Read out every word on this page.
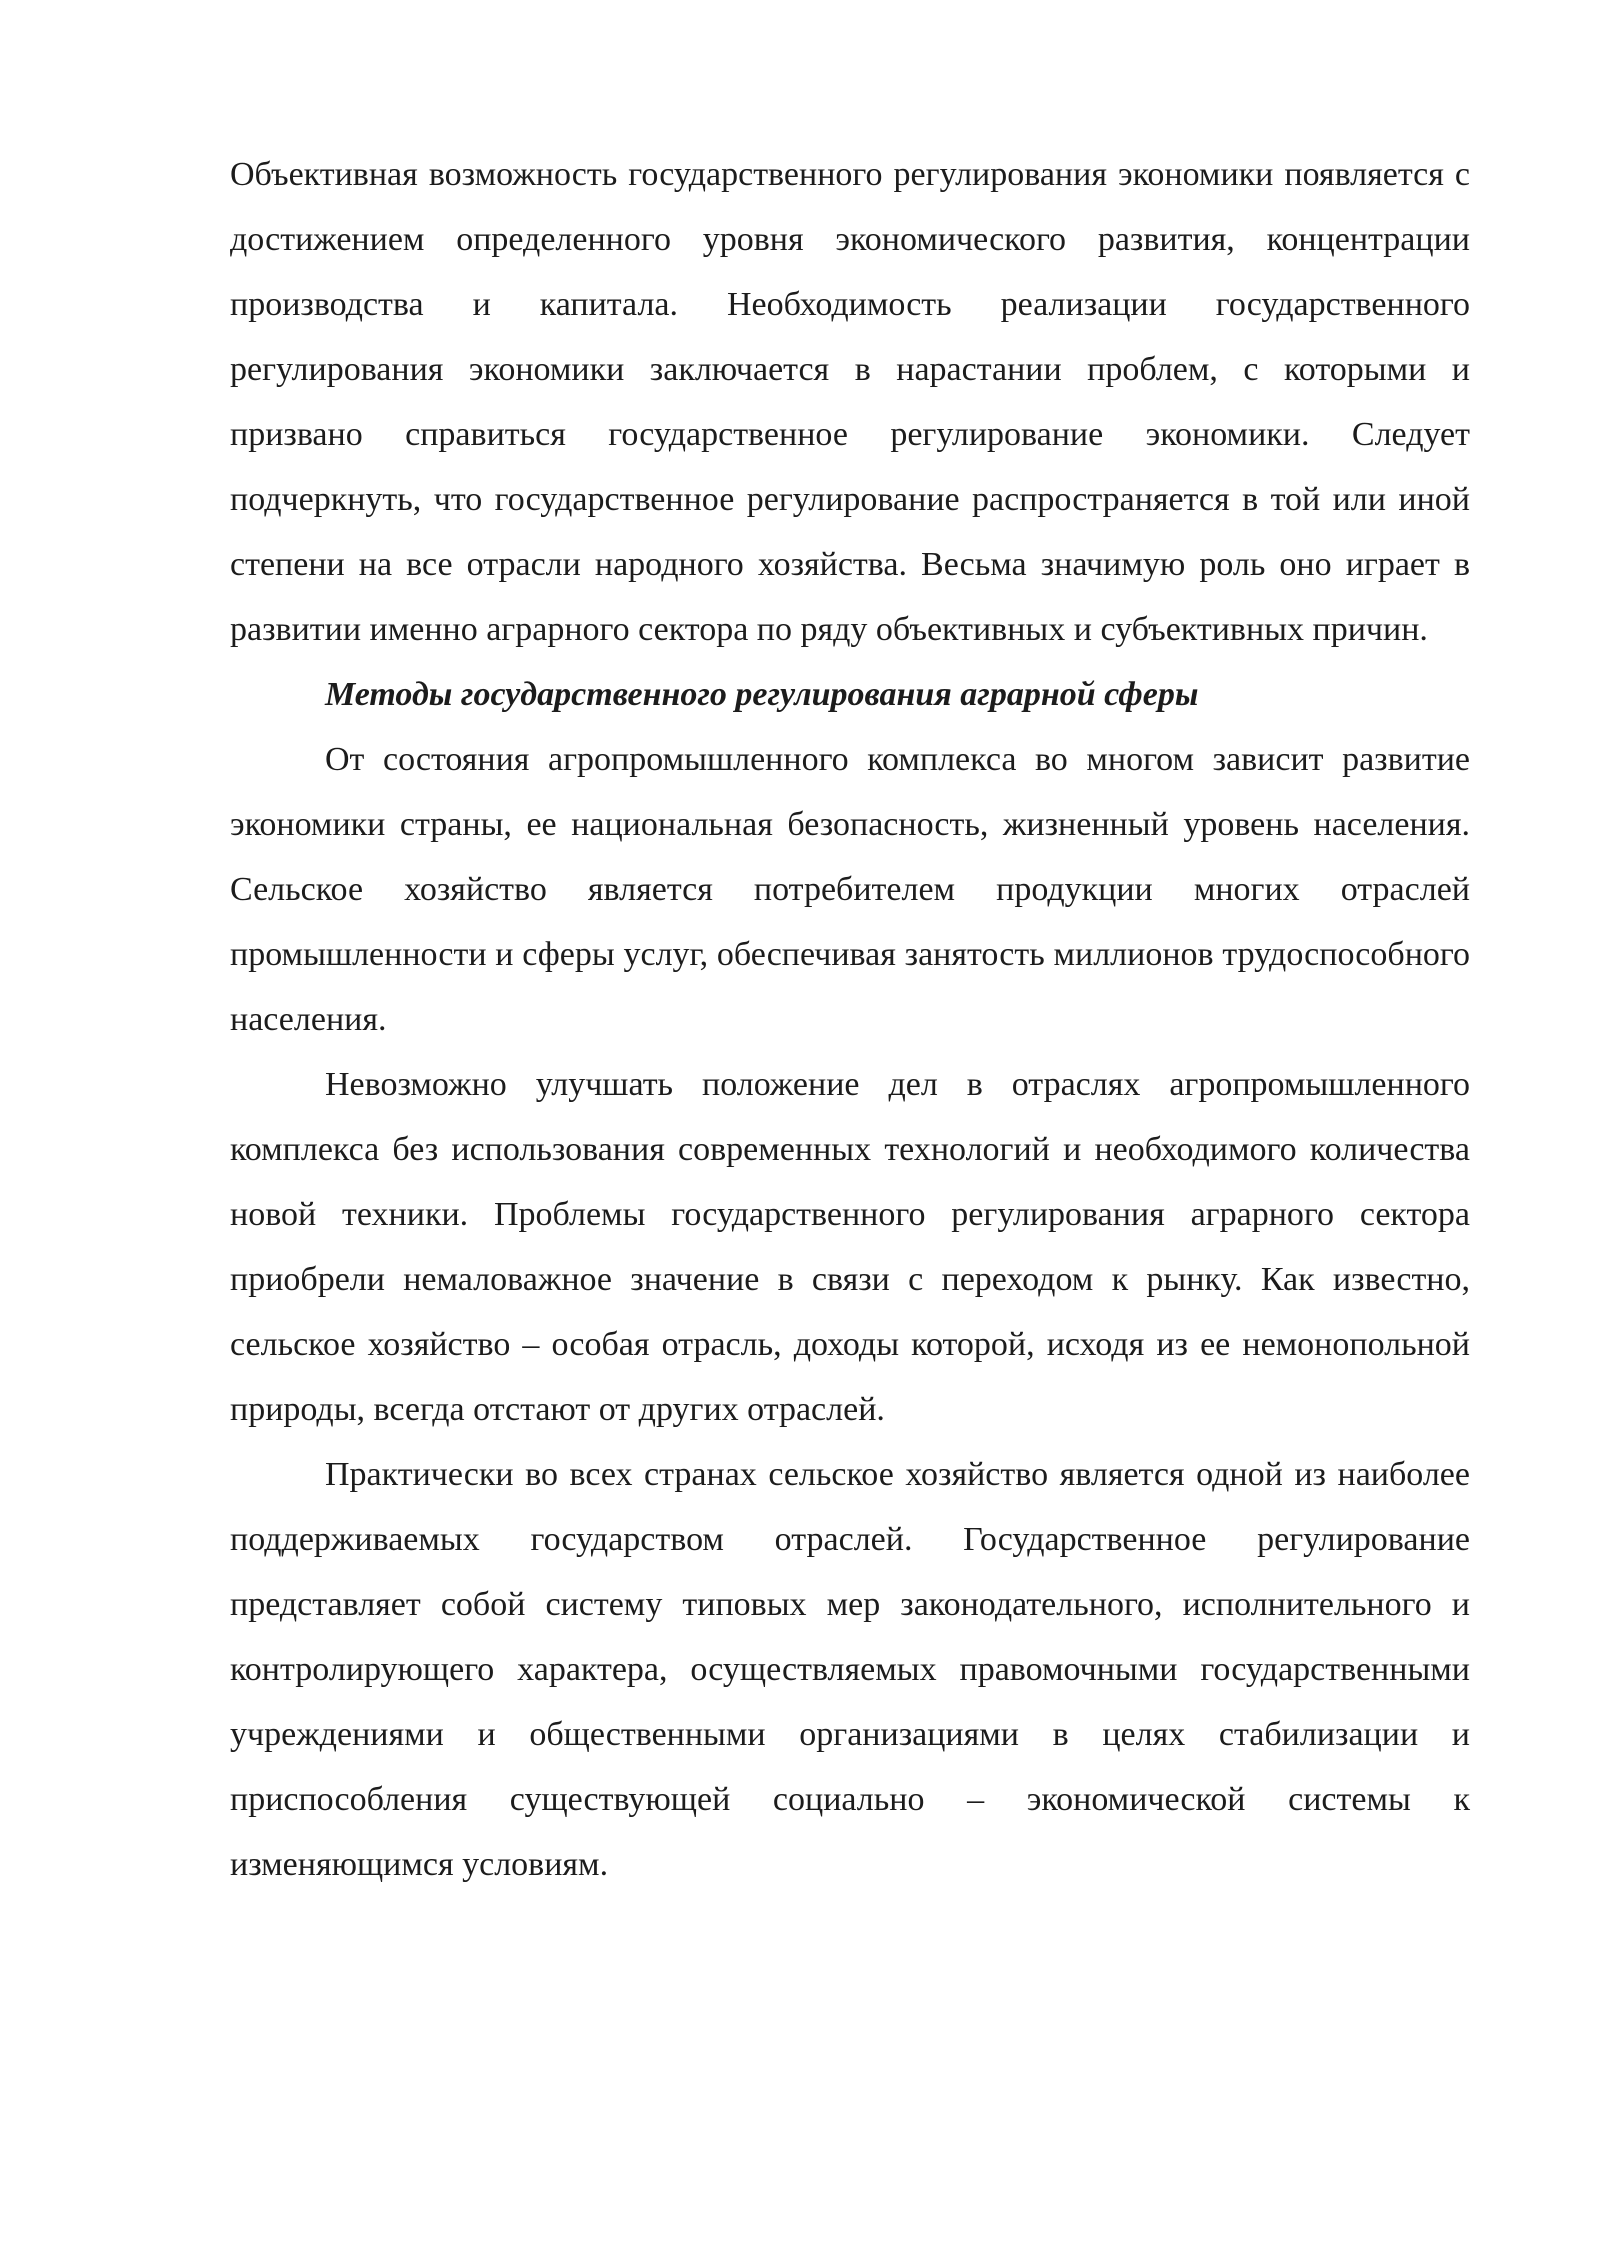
Объективная возможность государственного регулирования экономики появляется с достижением определенного уровня экономического развития, концентрации производства и капитала. Необходимость реализации государственного регулирования экономики заключается в нарастании проблем, с которыми и призвано справиться государственное регулирование экономики. Следует подчеркнуть, что государственное регулирование распространяется в той или иной степени на все отрасли народного хозяйства. Весьма значимую роль оно играет в развитии именно аграрного сектора по ряду объективных и субъективных причин.

Методы государственного регулирования аграрной сферы

От состояния агропромышленного комплекса во многом зависит развитие экономики страны, ее национальная безопасность, жизненный уровень населения. Сельское хозяйство является потребителем продукции многих отраслей промышленности и сферы услуг, обеспечивая занятость миллионов трудоспособного населения.

Невозможно улучшать положение дел в отраслях агропромышленного комплекса без использования современных технологий и необходимого количества новой техники. Проблемы государственного регулирования аграрного сектора приобрели немаловажное значение в связи с переходом к рынку. Как известно, сельское хозяйство – особая отрасль, доходы которой, исходя из ее немонопольной природы, всегда отстают от других отраслей.

Практически во всех странах сельское хозяйство является одной из наиболее поддерживаемых государством отраслей. Государственное регулирование представляет собой систему типовых мер законодательного, исполнительного и контролирующего характера, осуществляемых правомочными государственными учреждениями и общественными организациями в целях стабилизации и приспособления существующей социально – экономической системы к изменяющимся условиям.
